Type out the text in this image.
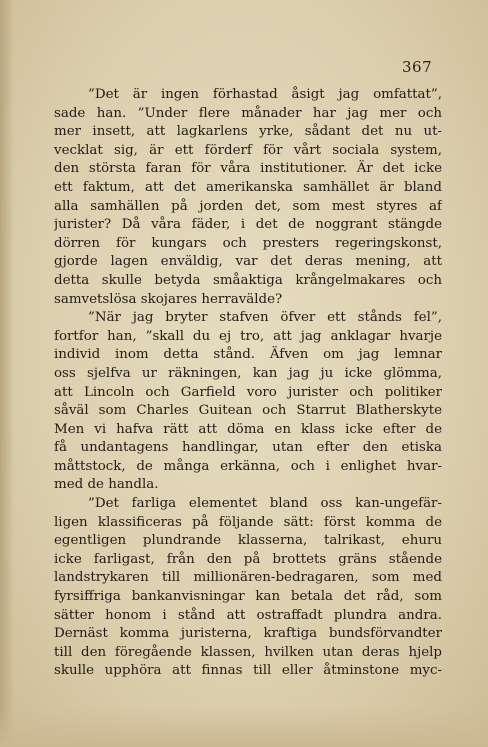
367
”Det är ingen förhastad åsigt jag omfattat”,
sade han. ”Under flere månader har jag mer och
mer insett, att lagkarlens yrke, sådant det nu ut-
vecklat sig, är ett förderf för vårt sociala system,
den största faran för våra institutioner. Är det icke
ett faktum, att det amerikanska samhället är bland
alla samhällen på jorden det, som mest styres af
jurister? Då våra fäder, i det de noggrant stängde
dörren för kungars och presters regeringskonst,
gjorde lagen enväldig, var det deras mening, att
detta skulle betyda småaktiga krångelmakares och
samvetslösa skojares herravälde?
”När jag bryter stafven öfver ett stånds fel”,
fortfor han, ”skall du ej tro, att jag anklagar hvarje
individ inom detta stånd. Äfven om jag lemnar
oss sjelfva ur räkningen, kan jag ju icke glömma,
att Lincoln och Garfield voro jurister och politiker
såväl som Charles Guitean och Starrut Blatherskyte
Men vi hafva rätt att döma en klass icke efter de
få undantagens handlingar, utan efter den etiska
måttstock, de många erkänna, och i enlighet hvar-
med de handla.
”Det farliga elementet bland oss kan-ungefär-
ligen klassificeras på följande sätt: först komma de
egentligen plundrande klasserna, talrikast, ehuru
icke farligast, från den på brottets gräns stående
landstrykaren till millionären-bedragaren, som med
fyrsiffriga bankanvisningar kan betala det råd, som
sätter honom i stånd att ostraffadt plundra andra.
Dernäst komma juristerna, kraftiga bundsförvandter
till den föregående klassen, hvilken utan deras hjelp
skulle upphöra att finnas till eller åtminstone myc-
